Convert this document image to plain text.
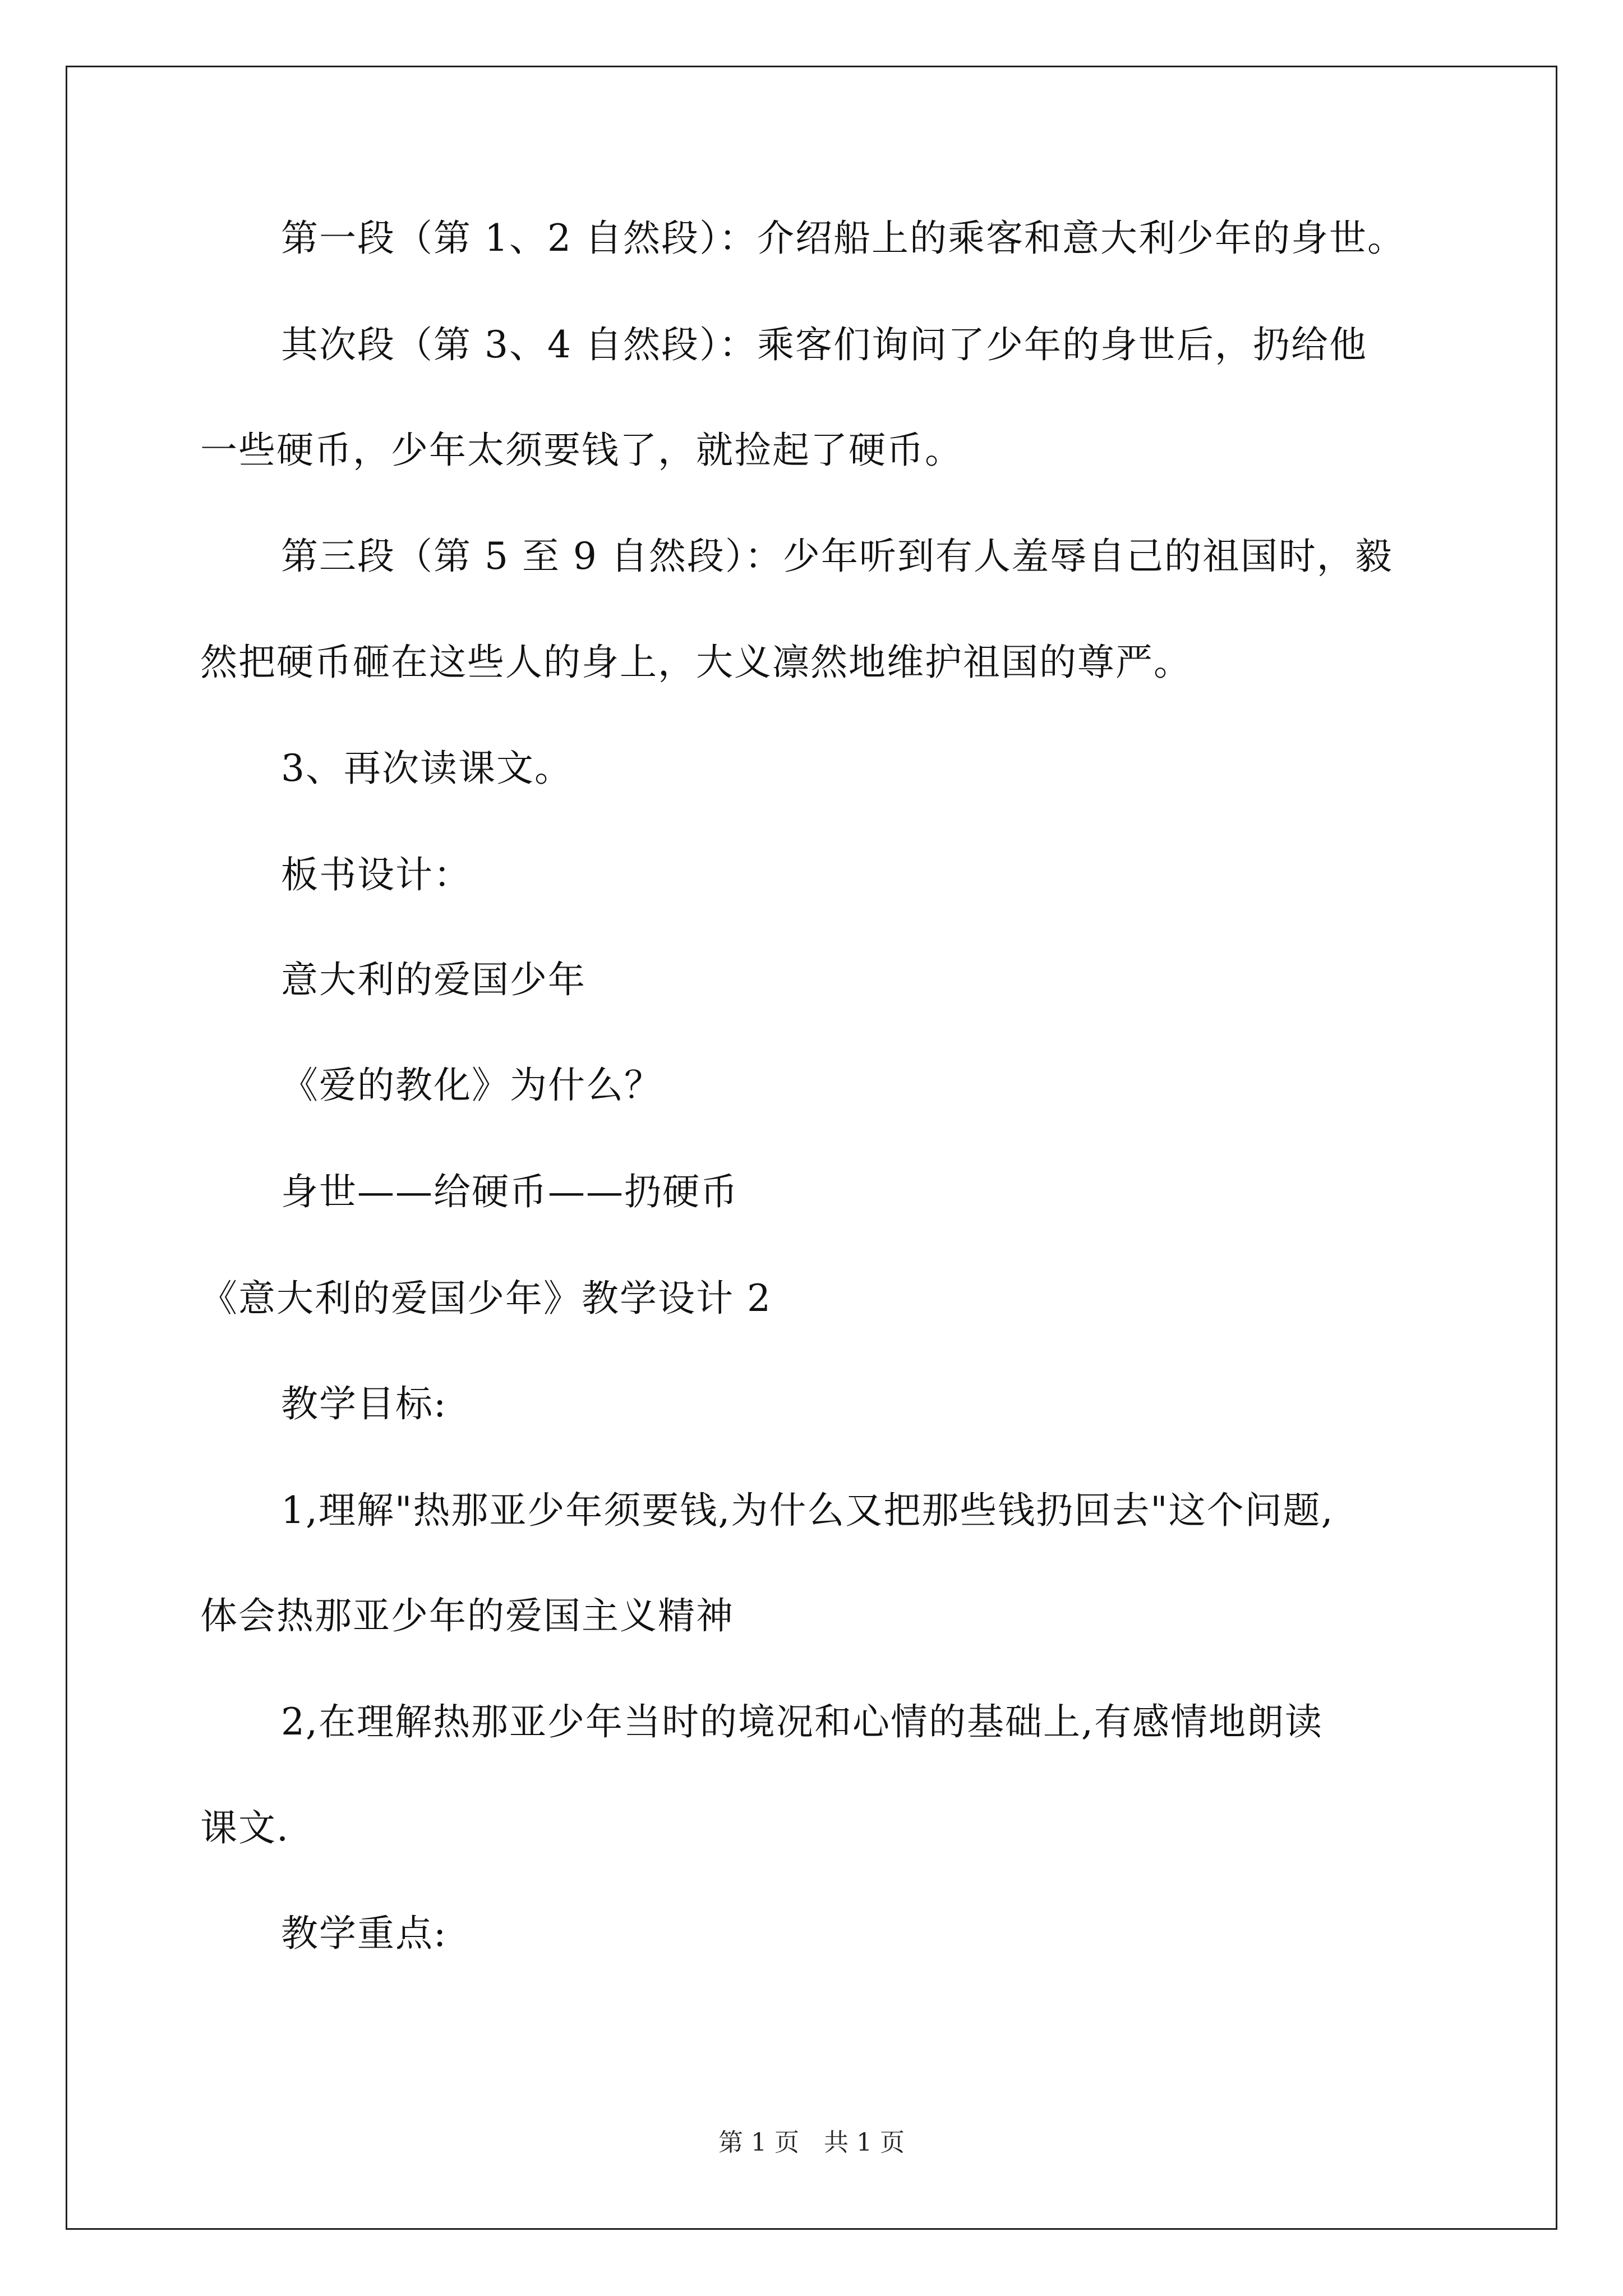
第一段（第 1、2 自然段）：介绍船上的乘客和意大利少年的身世。
其次段（第 3、4 自然段）：乘客们询问了少年的身世后，扔给他
一些硬币，少年太须要钱了，就捡起了硬币。
第三段（第 5 至 9 自然段）：少年听到有人羞辱自己的祖国时，毅
然把硬币砸在这些人的身上，大义凛然地维护祖国的尊严。
3、再次读课文。
板书设计：
意大利的爱国少年
《爱的教化》为什么？
身世——给硬币——扔硬币
《意大利的爱国少年》教学设计 2
教学目标:
1,理解"热那亚少年须要钱,为什么又把那些钱扔回去"这个问题,
体会热那亚少年的爱国主义精神
2,在理解热那亚少年当时的境况和心情的基础上,有感情地朗读
课文.
教学重点:
第 1 页　共 1 页
